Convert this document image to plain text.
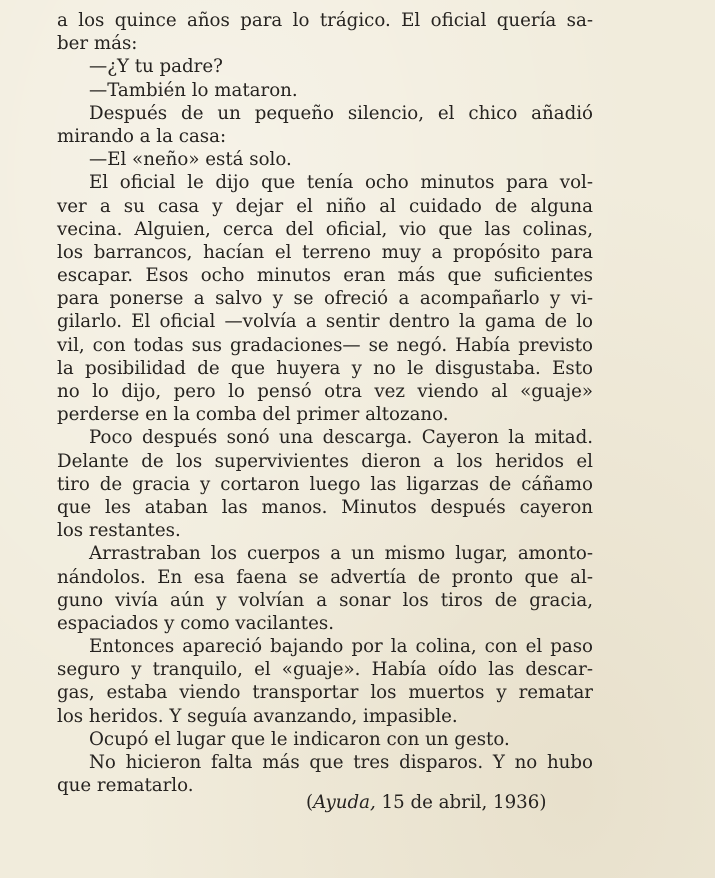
a los quince años para lo trágico. El oficial quería sa-
ber más:
—¿Y tu padre?
—También lo mataron.
Después de un pequeño silencio, el chico añadió
mirando a la casa:
—El «neño» está solo.
El oficial le dijo que tenía ocho minutos para vol-
ver a su casa y dejar el niño al cuidado de alguna
vecina. Alguien, cerca del oficial, vio que las colinas,
los barrancos, hacían el terreno muy a propósito para
escapar. Esos ocho minutos eran más que suficientes
para ponerse a salvo y se ofreció a acompañarlo y vi-
gilarlo. El oficial —volvía a sentir dentro la gama de lo
vil, con todas sus gradaciones— se negó. Había previsto
la posibilidad de que huyera y no le disgustaba. Esto
no lo dijo, pero lo pensó otra vez viendo al «guaje»
perderse en la comba del primer altozano.
Poco después sonó una descarga. Cayeron la mitad.
Delante de los supervivientes dieron a los heridos el
tiro de gracia y cortaron luego las ligarzas de cáñamo
que les ataban las manos. Minutos después cayeron
los restantes.
Arrastraban los cuerpos a un mismo lugar, amonto-
nándolos. En esa faena se advertía de pronto que al-
guno vivía aún y volvían a sonar los tiros de gracia,
espaciados y como vacilantes.
Entonces apareció bajando por la colina, con el paso
seguro y tranquilo, el «guaje». Había oído las descar-
gas, estaba viendo transportar los muertos y rematar
los heridos. Y seguía avanzando, impasible.
Ocupó el lugar que le indicaron con un gesto.
No hicieron falta más que tres disparos. Y no hubo
que rematarlo.
(Ayuda, 15 de abril, 1936)
